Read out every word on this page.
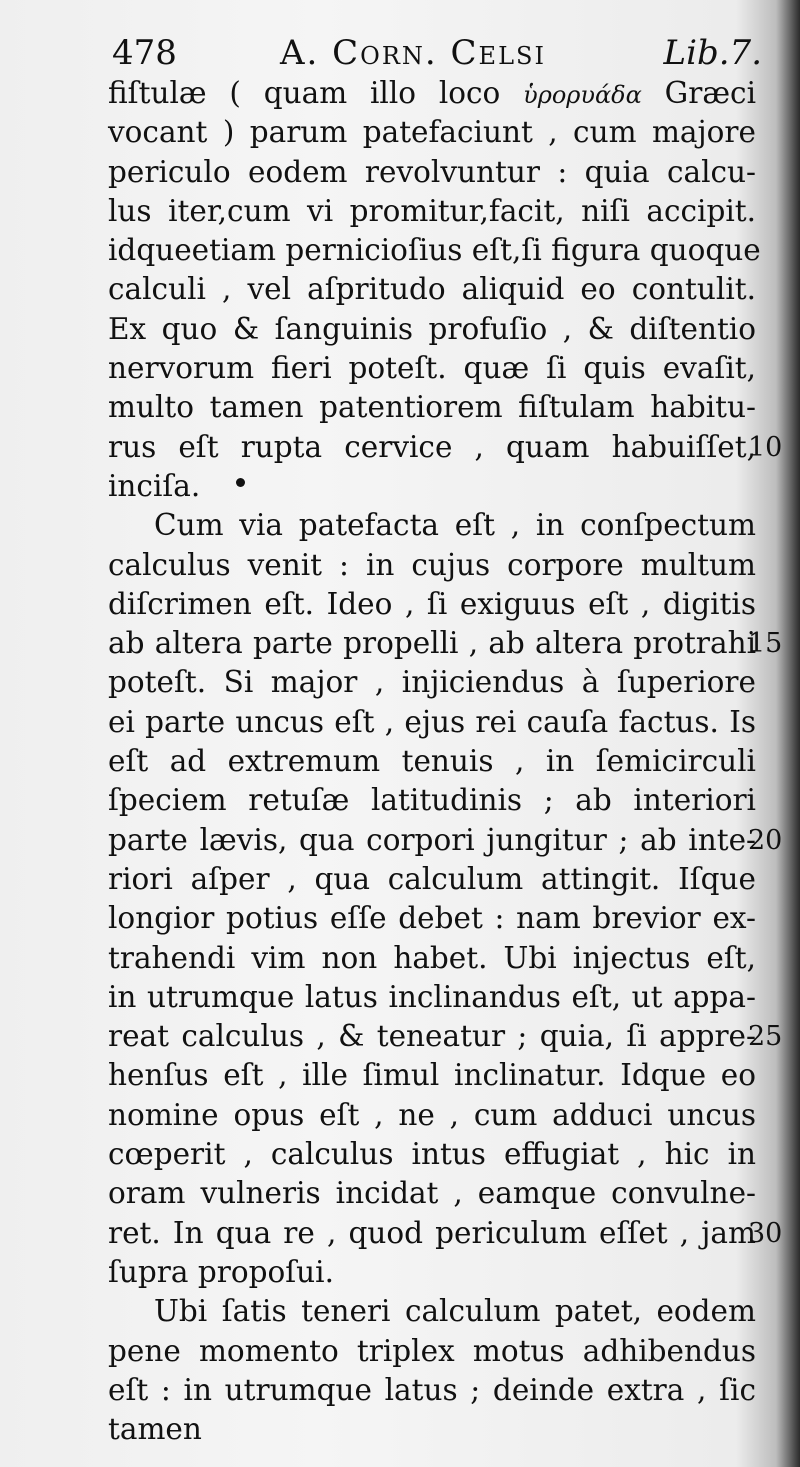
478	A. Corn. Celsi	Lib.7.
fiſtulæ ( quam illo loco ὑρορυάδα Græci
vocant ) parum patefaciunt , cum majore
periculo eodem revolvuntur : quia calcu-
lus iter,cum vi promitur,facit, niſi accipit.
idqueetiam pernicioſius eſt,ſi figura quoque
calculi , vel aſpritudo aliquid eo contulit.
Ex quo & ſanguinis profuſio , & diſtentio
nervorum fieri poteſt. quæ ſi quis evaſit,
multo tamen patentiorem fiſtulam habitu-
rus eſt rupta cervice , quam habuiſſet,
inciſa.
Cum via patefacta eſt , in conſpectum
calculus venit : in cujus corpore multum
diſcrimen eſt. Ideo , ſi exiguus eſt , digitis
ab altera parte propelli , ab altera protrahi
poteſt. Si major , injiciendus à ſuperiore
ei parte uncus eſt , ejus rei cauſa factus. Is
eſt ad extremum tenuis , in ſemicirculi
ſpeciem retuſæ latitudinis ; ab interiori
parte lævis, qua corpori jungitur ; ab inte-
riori aſper , qua calculum attingit. Iſque
longior potius eſſe debet : nam brevior ex-
trahendi vim non habet. Ubi injectus eſt,
in utrumque latus inclinandus eſt, ut appa-
reat calculus , & teneatur ; quia, ſi appre-
henſus eſt , ille ſimul inclinatur. Idque eo
nomine opus eſt , ne , cum adduci uncus
cœperit , calculus intus effugiat , hic in
oram vulneris incidat , eamque convulne-
ret. In qua re , quod periculum eſſet , jam
ſupra propoſui.
Ubi ſatis teneri calculum patet, eodem
pene momento triplex motus adhibendus
eſt : in utrumque latus ; deinde extra , ſic
tamen
10
15
20
25
30
